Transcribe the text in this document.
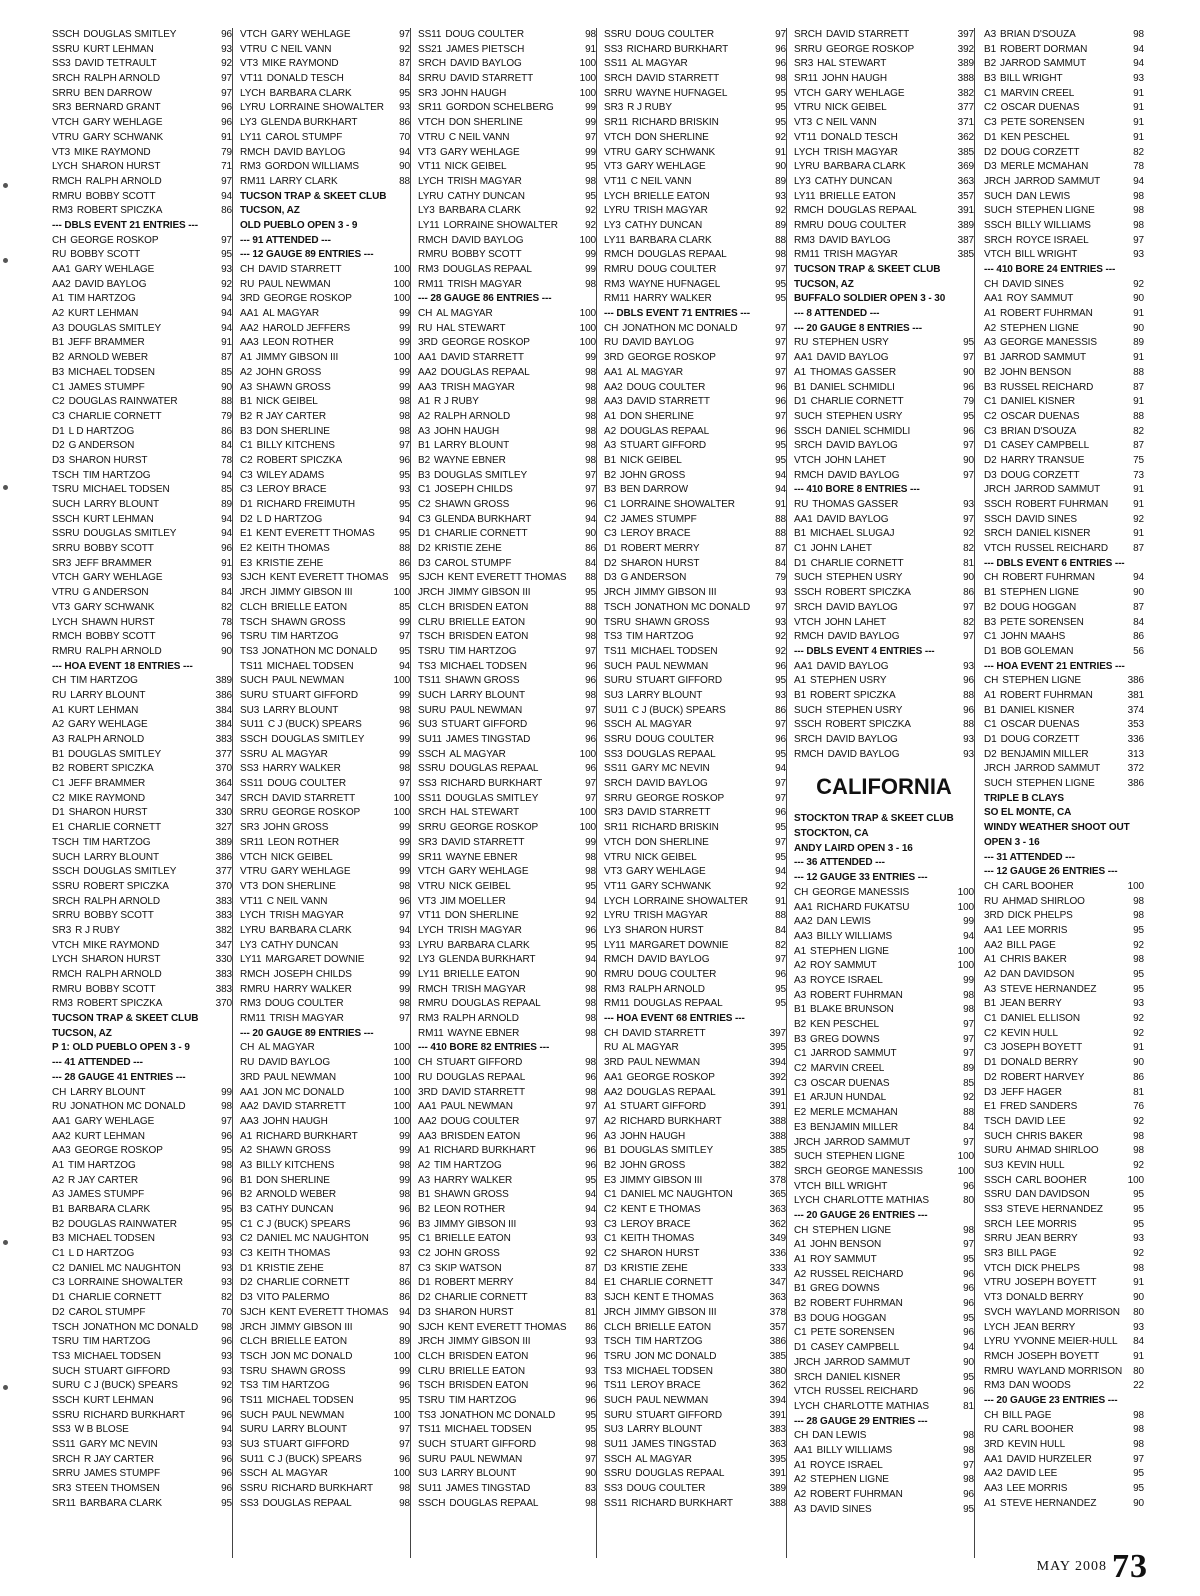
SSCH DOUGLAS SMITLEY	96
SSRU KURT LEHMAN	93
SS3 DAVID TETRAULT	92
SRCH RALPH ARNOLD	97
SRRU BEN DARROW	97
SR3 BERNARD GRANT	96
VTCH GARY WEHLAGE	96
VTRU GARY SCHWANK	91
VT3 MIKE RAYMOND	79
LYCH SHARON HURST	71
RMCH RALPH ARNOLD	97
RMRU BOBBY SCOTT	94
RM3 ROBERT SPICZKA	86
--- DBLS EVENT 21 ENTRIES ---
CH GEORGE ROSKOP	97
RU BOBBY SCOTT	95
AA1 GARY WEHLAGE	93
AA2 DAVID BAYLOG	92
A1 TIM HARTZOG	94
A2 KURT LEHMAN	94
A3 DOUGLAS SMITLEY	94
B1 JEFF BRAMMER	91
B2 ARNOLD WEBER	87
B3 MICHAEL TODSEN	85
C1 JAMES STUMPF	90
C2 DOUGLAS RAINWATER	88
C3 CHARLIE CORNETT	79
D1 L D HARTZOG	86
D2 G ANDERSON	84
D3 SHARON HURST	78
TSCH TIM HARTZOG	94
TSRU MICHAEL TODSEN	85
SUCH LARRY BLOUNT	89
SSCH KURT LEHMAN	94
SSRU DOUGLAS SMITLEY	94
SRRU BOBBY SCOTT	96
SR3 JEFF BRAMMER	91
VTCH GARY WEHLAGE	93
VTRU G ANDERSON	84
VT3 GARY SCHWANK	82
LYCH SHAWN HURST	78
RMCH BOBBY SCOTT	96
RMRU RALPH ARNOLD	90
--- HOA EVENT 18 ENTRIES ---
CH TIM HARTZOG	389
RU LARRY BLOUNT	386
A1 KURT LEHMAN	384
A2 GARY WEHLAGE	384
A3 RALPH ARNOLD	383
B1 DOUGLAS SMITLEY	377
B2 ROBERT SPICZKA	370
C1 JEFF BRAMMER	364
C2 MIKE RAYMOND	347
D1 SHARON HURST	330
E1 CHARLIE CORNETT	327
TSCH TIM HARTZOG	389
SUCH LARRY BLOUNT	386
SSCH DOUGLAS SMITLEY	377
SSRU ROBERT SPICZKA	370
SRCH RALPH ARNOLD	383
SRRU BOBBY SCOTT	383
SR3 R J RUBY	382
VTCH MIKE RAYMOND	347
LYCH SHARON HURST	330
RMCH RALPH ARNOLD	383
RMRU BOBBY SCOTT	383
RM3 ROBERT SPICZKA	370
TUCSON TRAP & SKEET CLUB
TUCSON, AZ
P 1: OLD PUEBLO OPEN 3 - 9
--- 41 ATTENDED ---
--- 28 GAUGE 41 ENTRIES ---
CH LARRY BLOUNT	99
RU JONATHON MC DONALD	98
AA1 GARY WEHLAGE	97
AA2 KURT LEHMAN	96
AA3 GEORGE ROSKOP	95
A1 TIM HARTZOG	98
A2 R JAY CARTER	96
A3 JAMES STUMPF	96
B1 BARBARA CLARK	95
B2 DOUGLAS RAINWATER	95
B3 MICHAEL TODSEN	93
C1 L D HARTZOG	93
C2 DANIEL MC NAUGHTON	93
C3 LORRAINE SHOWALTER	93
D1 CHARLIE CORNETT	82
D2 CAROL STUMPF	70
TSCH JONATHON MC DONALD	98
TSRU TIM HARTZOG	96
TS3 MICHAEL TODSEN	93
SUCH STUART GIFFORD	93
SURU C J (BUCK) SPEARS	92
SSCH KURT LEHMAN	96
SSRU RICHARD BURKHART	96
SS3 W B BLOSE	94
SS11 GARY MC NEVIN	93
SRCH R JAY CARTER	96
SRRU JAMES STUMPF	96
SR3 STEEN THOMSEN	96
SR11 BARBARA CLARK	95
VTCH GARY WEHLAGE	97
VTRU C NEIL VANN	92
VT3 MIKE RAYMOND	87
VT11 DONALD TESCH	84
LYCH BARBARA CLARK	95
LYRU LORRAINE SHOWALTER	93
LY3 GLENDA BURKHART	86
LY11 CAROL STUMPF	70
RMCH DAVID BAYLOG	94
RM3 GORDON WILLIAMS	90
RM11 LARRY CLARK	88
TUCSON TRAP & SKEET CLUB
TUCSON, AZ
OLD PUEBLO OPEN 3 - 9
--- 91 ATTENDED ---
--- 12 GAUGE 89 ENTRIES ---
CH DAVID STARRETT	100
RU PAUL NEWMAN	100
3RD GEORGE ROSKOP	100
AA1 AL MAGYAR	99
AA2 HAROLD JEFFERS	99
AA3 LEON ROTHER	99
A1 JIMMY GIBSON III	100
A2 JOHN GROSS	99
A3 SHAWN GROSS	99
B1 NICK GEIBEL	98
B2 R JAY CARTER	98
B3 DON SHERLINE	98
C1 BILLY KITCHENS	97
C2 ROBERT SPICZKA	96
C3 WILEY ADAMS	95
C3 LEROY BRACE	93
D1 RICHARD FREIMUTH	95
D2 L D HARTZOG	94
E1 KENT EVERETT THOMAS	95
E2 KEITH THOMAS	88
E3 KRISTIE ZEHE	86
SJCH KENT EVERETT THOMAS	95
JRCH JIMMY GIBSON III	100
CLCH BRIELLE EATON	85
TSCH SHAWN GROSS	99
TSRU TIM HARTZOG	97
TS3 JONATHON MC DONALD	95
TS11 MICHAEL TODSEN	94
SUCH PAUL NEWMAN	100
SURU STUART GIFFORD	99
SU3 LARRY BLOUNT	98
SU11 C J (BUCK) SPEARS	96
SSCH DOUGLAS SMITLEY	99
SSRU AL MAGYAR	99
SS3 HARRY WALKER	98
SS11 DOUG COULTER	97
SRCH DAVID STARRETT	100
SRRU GEORGE ROSKOP	100
SR3 JOHN GROSS	99
SR11 LEON ROTHER	99
VTCH NICK GEIBEL	99
VTRU GARY WEHLAGE	99
VT3 DON SHERLINE	98
VT11 C NEIL VANN	96
LYCH TRISH MAGYAR	97
LYRU BARBARA CLARK	94
LY3 CATHY DUNCAN	93
LY11 MARGARET DOWNIE	92
RMCH JOSEPH CHILDS	99
RMRU HARRY WALKER	99
RM3 DOUG COULTER	98
RM11 TRISH MAGYAR	97
--- 20 GAUGE 89 ENTRIES ---
CH AL MAGYAR	100
RU DAVID BAYLOG	100
3RD PAUL NEWMAN	100
AA1 JON MC DONALD	100
AA2 DAVID STARRETT	100
AA3 JOHN HAUGH	100
A1 RICHARD BURKHART	99
A2 SHAWN GROSS	99
A3 BILLY KITCHENS	98
B1 DON SHERLINE	99
B2 ARNOLD WEBER	98
B3 CATHY DUNCAN	96
C1 C J (BUCK) SPEARS	96
C2 DANIEL MC NAUGHTON	95
C3 KEITH THOMAS	93
D1 KRISTIE ZEHE	87
D2 CHARLIE CORNETT	86
D3 VITO PALERMO	86
SJCH KENT EVERETT THOMAS	94
JRCH JIMMY GIBSON III	90
CLCH BRIELLE EATON	89
TSCH JON MC DONALD	100
TSRU SHAWN GROSS	99
TS3 TIM HARTZOG	96
TS11 MICHAEL TODSEN	95
SUCH PAUL NEWMAN	100
SURU LARRY BLOUNT	97
SU3 STUART GIFFORD	97
SU11 C J (BUCK) SPEARS	96
SSCH AL MAGYAR	100
SSRU RICHARD BURKHART	98
SS3 DOUGLAS REPAAL	98
SS11 DOUG COULTER	98
SS21 JAMES PIETSCH	91
SRCH DAVID BAYLOG	100
SRRU DAVID STARRETT	100
SR3 JOHN HAUGH	100
SR11 GORDON SCHELBERG	99
VTCH DON SHERLINE	99
VTRU C NEIL VANN	97
VT3 GARY WEHLAGE	99
VT11 NICK GEIBEL	95
LYCH TRISH MAGYAR	98
LYRU CATHY DUNCAN	95
LY3 BARBARA CLARK	92
LY11 LORRAINE SHOWALTER	92
RMCH DAVID BAYLOG	100
RMRU BOBBY SCOTT	99
RM3 DOUGLAS REPAAL	99
RM11 TRISH MAGYAR	98
--- 28 GAUGE 86 ENTRIES ---
CH AL MAGYAR	100
RU HAL STEWART	100
3RD GEORGE ROSKOP	100
AA1 DAVID STARRETT	99
AA2 DOUGLAS REPAAL	98
AA3 TRISH MAGYAR	98
A1 R J RUBY	98
A2 RALPH ARNOLD	98
A3 JOHN HAUGH	98
B1 LARRY BLOUNT	98
B2 WAYNE EBNER	98
B3 DOUGLAS SMITLEY	97
C1 JOSEPH CHILDS	97
C2 SHAWN GROSS	96
C3 GLENDA BURKHART	94
D1 CHARLIE CORNETT	90
D2 KRISTIE ZEHE	86
D3 CAROL STUMPF	84
SJCH KENT EVERETT THOMAS	88
JRCH JIMMY GIBSON III	95
CLCH BRISDEN EATON	88
CLRU BRIELLE EATON	90
TSCH BRISDEN EATON	98
TSRU TIM HARTZOG	97
TS3 MICHAEL TODSEN	96
TS11 SHAWN GROSS	96
SUCH LARRY BLOUNT	98
SURU PAUL NEWMAN	97
SU3 STUART GIFFORD	96
SU11 JAMES TINGSTAD	96
SSCH AL MAGYAR	100
SSRU DOUGLAS REPAAL	96
SS3 RICHARD BURKHART	97
SS11 DOUGLAS SMITLEY	97
SRCH HAL STEWART	100
SRRU GEORGE ROSKOP	100
SR3 DAVID STARRETT	99
SR11 WAYNE EBNER	98
VTCH GARY WEHLAGE	98
VTRU NICK GEIBEL	95
VT3 JIM MOELLER	94
VT11 DON SHERLINE	92
LYCH TRISH MAGYAR	96
LYRU BARBARA CLARK	95
LY3 GLENDA BURKHART	94
LY11 BRIELLE EATON	90
RMCH TRISH MAGYAR	98
RMRU DOUGLAS REPAAL	98
RM3 RALPH ARNOLD	98
RM11 WAYNE EBNER	98
--- 410 BORE 82 ENTRIES ---
CH STUART GIFFORD	98
RU DOUGLAS REPAAL	96
3RD DAVID STARRETT	98
AA1 PAUL NEWMAN	97
AA2 DOUG COULTER	97
AA3 BRISDEN EATON	96
A1 RICHARD BURKHART	96
A2 TIM HARTZOG	96
A3 HARRY WALKER	95
B1 SHAWN GROSS	94
B2 LEON ROTHER	94
B3 JIMMY GIBSON III	93
C1 BRIELLE EATON	93
C2 JOHN GROSS	92
C3 SKIP WATSON	87
D1 ROBERT MERRY	84
D2 CHARLIE CORNETT	83
D3 SHARON HURST	81
SJCH KENT EVERETT THOMAS	86
JRCH JIMMY GIBSON III	93
CLCH BRISDEN EATON	96
CLRU BRIELLE EATON	93
TSCH BRISDEN EATON	96
TSRU TIM HARTZOG	96
TS3 JONATHON MC DONALD	95
TS11 MICHAEL TODSEN	95
SUCH STUART GIFFORD	98
SURU PAUL NEWMAN	97
SU3 LARRY BLOUNT	90
SU11 JAMES TINGSTAD	83
SSCH DOUGLAS REPAAL	98
SSRU DOUG COULTER	97
SS3 RICHARD BURKHART	96
SS11 AL MAGYAR	96
SRCH DAVID STARRETT	98
SRRU WAYNE HUFNAGEL	95
SR3 R J RUBY	95
SR11 RICHARD BRISKIN	95
VTCH DON SHERLINE	92
VTRU GARY SCHWANK	91
VT3 GARY WEHLAGE	90
VT11 C NEIL VANN	89
LYCH BRIELLE EATON	93
LYRU TRISH MAGYAR	92
LY3 CATHY DUNCAN	89
LY11 BARBARA CLARK	88
RMCH DOUGLAS REPAAL	98
RMRU DOUG COULTER	97
RM3 WAYNE HUFNAGEL	95
RM11 HARRY WALKER	95
--- DBLS EVENT 71 ENTRIES ---
CH JONATHON MC DONALD	97
RU DAVID BAYLOG	97
3RD GEORGE ROSKOP	97
AA1 AL MAGYAR	97
AA2 DOUG COULTER	96
AA3 DAVID STARRETT	96
A1 DON SHERLINE	97
A2 DOUGLAS REPAAL	96
A3 STUART GIFFORD	95
B1 NICK GEIBEL	95
B2 JOHN GROSS	94
B3 BEN DARROW	94
C1 LORRAINE SHOWALTER	91
C2 JAMES STUMPF	88
C3 LEROY BRACE	88
D1 ROBERT MERRY	87
D2 SHARON HURST	84
D3 G ANDERSON	79
JRCH JIMMY GIBSON III	93
TSCH JONATHON MC DONALD	97
TSRU SHAWN GROSS	93
TS3 TIM HARTZOG	92
TS11 MICHAEL TODSEN	92
SUCH PAUL NEWMAN	96
SURU STUART GIFFORD	95
SU3 LARRY BLOUNT	93
SU11 C J (BUCK) SPEARS	86
SSCH AL MAGYAR	97
SSRU DOUG COULTER	96
SS3 DOUGLAS REPAAL	95
SS11 GARY MC NEVIN	94
SRCH DAVID BAYLOG	97
SRRU GEORGE ROSKOP	97
SR3 DAVID STARRETT	96
SR11 RICHARD BRISKIN	95
VTCH DON SHERLINE	97
VTRU NICK GEIBEL	95
VT3 GARY WEHLAGE	94
VT11 GARY SCHWANK	92
LYCH LORRAINE SHOWALTER	91
LYRU TRISH MAGYAR	88
LY3 SHARON HURST	84
LY11 MARGARET DOWNIE	82
RMCH DAVID BAYLOG	97
RMRU DOUG COULTER	96
RM3 RALPH ARNOLD	95
RM11 DOUGLAS REPAAL	95
--- HOA EVENT 68 ENTRIES ---
CH DAVID STARRETT	397
RU AL MAGYAR	395
3RD PAUL NEWMAN	394
AA1 GEORGE ROSKOP	392
AA2 DOUGLAS REPAAL	391
A1 STUART GIFFORD	391
A2 RICHARD BURKHART	388
A3 JOHN HAUGH	388
B1 DOUGLAS SMITLEY	385
B2 JOHN GROSS	382
E3 JIMMY GIBSON III	378
C1 DANIEL MC NAUGHTON	365
C2 KENT E THOMAS	363
C3 LEROY BRACE	362
C1 KEITH THOMAS	349
C2 SHARON HURST	336
D3 KRISTIE ZEHE	333
E1 CHARLIE CORNETT	347
SJCH KENT E THOMAS	363
JRCH JIMMY GIBSON III	378
CLCH BRIELLE EATON	357
TSCH TIM HARTZOG	386
TSRU JON MC DONALD	385
TS3 MICHAEL TODSEN	380
TS11 LEROY BRACE	362
SUCH PAUL NEWMAN	394
SURU STUART GIFFORD	391
SU3 LARRY BLOUNT	383
SU11 JAMES TINGSTAD	363
SSCH AL MAGYAR	395
SSRU DOUGLAS REPAAL	391
SS3 DOUG COULTER	389
SS11 RICHARD BURKHART	388
SRCH DAVID STARRETT	397
SRRU GEORGE ROSKOP	392
SR3 HAL STEWART	389
SR11 JOHN HAUGH	388
VTCH GARY WEHLAGE	382
VTRU NICK GEIBEL	377
VT3 C NEIL VANN	371
VT11 DONALD TESCH	362
LYCH TRISH MAGYAR	385
LYRU BARBARA CLARK	369
LY3 CATHY DUNCAN	363
LY11 BRIELLE EATON	357
RMCH DOUGLAS REPAAL	391
RMRU DOUG COULTER	389
RM3 DAVID BAYLOG	387
RM11 TRISH MAGYAR	385
TUCSON TRAP & SKEET CLUB
TUCSON, AZ
BUFFALO SOLDIER OPEN 3 - 30
--- 8 ATTENDED ---
--- 20 GAUGE 8 ENTRIES ---
RU STEPHEN USRY	95
AA1 DAVID BAYLOG	97
A1 THOMAS GASSER	90
B1 DANIEL SCHMIDLI	96
D1 CHARLIE CORNETT	79
SUCH STEPHEN USRY	95
SSCH DANIEL SCHMIDLI	96
SRCH DAVID BAYLOG	97
VTCH JOHN LAHET	90
RMCH DAVID BAYLOG	97
--- 410 BORE 8 ENTRIES ---
RU THOMAS GASSER	93
AA1 DAVID BAYLOG	97
B1 MICHAEL SLUGAJ	92
C1 JOHN LAHET	82
D1 CHARLIE CORNETT	81
SUCH STEPHEN USRY	90
SSCH ROBERT SPICZKA	86
SRCH DAVID BAYLOG	97
VTCH JOHN LAHET	82
RMCH DAVID BAYLOG	97
--- DBLS EVENT 4 ENTRIES ---
AA1 DAVID BAYLOG	93
A1 STEPHEN USRY	96
B1 ROBERT SPICZKA	88
SUCH STEPHEN USRY	96
SSCH ROBERT SPICZKA	88
SRCH DAVID BAYLOG	93
RMCH DAVID BAYLOG	93
CALIFORNIA
STOCKTON TRAP & SKEET CLUB
STOCKTON, CA
ANDY LAIRD OPEN 3 - 16
--- 36 ATTENDED ---
--- 12 GAUGE 33 ENTRIES ---
CH GEORGE MANESSIS	100
AA1 RICHARD FUKATSU	100
AA2 DAN LEWIS	99
AA3 BILLY WILLIAMS	94
A1 STEPHEN LIGNE	100
A2 ROY SAMMUT	100
A3 ROYCE ISRAEL	99
A3 ROBERT FUHRMAN	98
B1 BLAKE BRUNSON	98
B2 KEN PESCHEL	97
B3 GREG DOWNS	97
C1 JARROD SAMMUT	97
C2 MARVIN CREEL	89
C3 OSCAR DUENAS	85
E1 ARJUN HUNDAL	92
E2 MERLE MCMAHAN	88
E3 BENJAMIN MILLER	84
JRCH JARROD SAMMUT	97
SUCH STEPHEN LIGNE	100
SRCH GEORGE MANESSIS	100
VTCH BILL WRIGHT	96
LYCH CHARLOTTE MATHIAS	80
--- 20 GAUGE 26 ENTRIES ---
CH STEPHEN LIGNE	98
A1 JOHN BENSON	97
A1 ROY SAMMUT	95
A2 RUSSEL REICHARD	96
B1 GREG DOWNS	96
B2 ROBERT FUHRMAN	96
B3 DOUG HOGGAN	95
C1 PETE SORENSEN	96
D1 CASEY CAMPBELL	94
JRCH JARROD SAMMUT	90
SRCH DANIEL KISNER	95
VTCH RUSSEL REICHARD	96
LYCH CHARLOTTE MATHIAS	81
--- 28 GAUGE 29 ENTRIES ---
CH DAN LEWIS	98
AA1 BILLY WILLIAMS	98
A1 ROYCE ISRAEL	97
A2 STEPHEN LIGNE	98
A2 ROBERT FUHRMAN	96
A3 DAVID SINES	95
A3 BRIAN D'SOUZA	98
B1 ROBERT DORMAN	94
B2 JARROD SAMMUT	94
B3 BILL WRIGHT	93
C1 MARVIN CREEL	91
C2 OSCAR DUENAS	91
C3 PETE SORENSEN	91
D1 KEN PESCHEL	91
D2 DOUG CORZETT	82
D3 MERLE MCMAHAN	78
JRCH JARROD SAMMUT	94
SUCH DAN LEWIS	98
SUCH STEPHEN LIGNE	98
SSCH BILLY WILLIAMS	98
SRCH ROYCE ISRAEL	97
VTCH BILL WRIGHT	93
--- 410 BORE 24 ENTRIES ---
CH DAVID SINES	92
AA1 ROY SAMMUT	90
A1 ROBERT FUHRMAN	91
A2 STEPHEN LIGNE	90
A3 GEORGE MANESSIS	89
B1 JARROD SAMMUT	91
B2 JOHN BENSON	88
B3 RUSSEL REICHARD	87
C1 DANIEL KISNER	91
C2 OSCAR DUENAS	88
C3 BRIAN D'SOUZA	82
D1 CASEY CAMPBELL	87
D2 HARRY TRANSUE	75
D3 DOUG CORZETT	73
JRCH JARROD SAMMUT	91
SSCH ROBERT FUHRMAN	91
SSCH DAVID SINES	92
SRCH DANIEL KISNER	91
VTCH RUSSEL REICHARD	87
--- DBLS EVENT 6 ENTRIES ---
CH ROBERT FUHRMAN	94
B1 STEPHEN LIGNE	90
B2 DOUG HOGGAN	87
B3 PETE SORENSEN	84
C1 JOHN MAAHS	86
D1 BOB GOLEMAN	56
--- HOA EVENT 21 ENTRIES ---
CH STEPHEN LIGNE	386
A1 ROBERT FUHRMAN	381
B1 DANIEL KISNER	374
C1 OSCAR DUENAS	353
D1 DOUG CORZETT	336
D2 BENJAMIN MILLER	313
JRCH JARROD SAMMUT	372
SUCH STEPHEN LIGNE	386
TRIPLE B CLAYS
SO EL MONTE, CA
WINDY WEATHER SHOOT OUT
OPEN 3 - 16
--- 31 ATTENDED ---
--- 12 GAUGE 26 ENTRIES ---
CH CARL BOOHER	100
RU AHMAD SHIRLOO	98
3RD DICK PHELPS	98
AA1 LEE MORRIS	95
AA2 BILL PAGE	92
A1 CHRIS BAKER	98
A2 DAN DAVIDSON	95
A3 STEVE HERNANDEZ	95
B1 JEAN BERRY	93
C1 DANIEL ELLISON	92
C2 KEVIN HULL	92
C3 JOSEPH BOYETT	91
D1 DONALD BERRY	90
D2 ROBERT HARVEY	86
D3 JEFF HAGER	81
E1 FRED SANDERS	76
TSCH DAVID LEE	92
SUCH CHRIS BAKER	98
SURU AHMAD SHIRLOO	98
SU3 KEVIN HULL	92
SSCH CARL BOOHER	100
SSRU DAN DAVIDSON	95
SS3 STEVE HERNANDEZ	95
SRCH LEE MORRIS	95
SRRU JEAN BERRY	93
SR3 BILL PAGE	92
VTCH DICK PHELPS	98
VTRU JOSEPH BOYETT	91
VT3 DONALD BERRY	90
SVCH WAYLAND MORRISON	80
LYCH JEAN BERRY	93
LYRU YVONNE MEIER-HULL	84
RMCH JOSEPH BOYETT	91
RMRU WAYLAND MORRISON	80
RM3 DAN WOODS	22
--- 20 GAUGE 23 ENTRIES ---
CH BILL PAGE	98
RU CARL BOOHER	98
3RD KEVIN HULL	98
AA1 DAVID HURZELER	97
AA2 DAVID LEE	95
AA3 LEE MORRIS	95
A1 STEVE HERNANDEZ	90
MAY 2008 73
